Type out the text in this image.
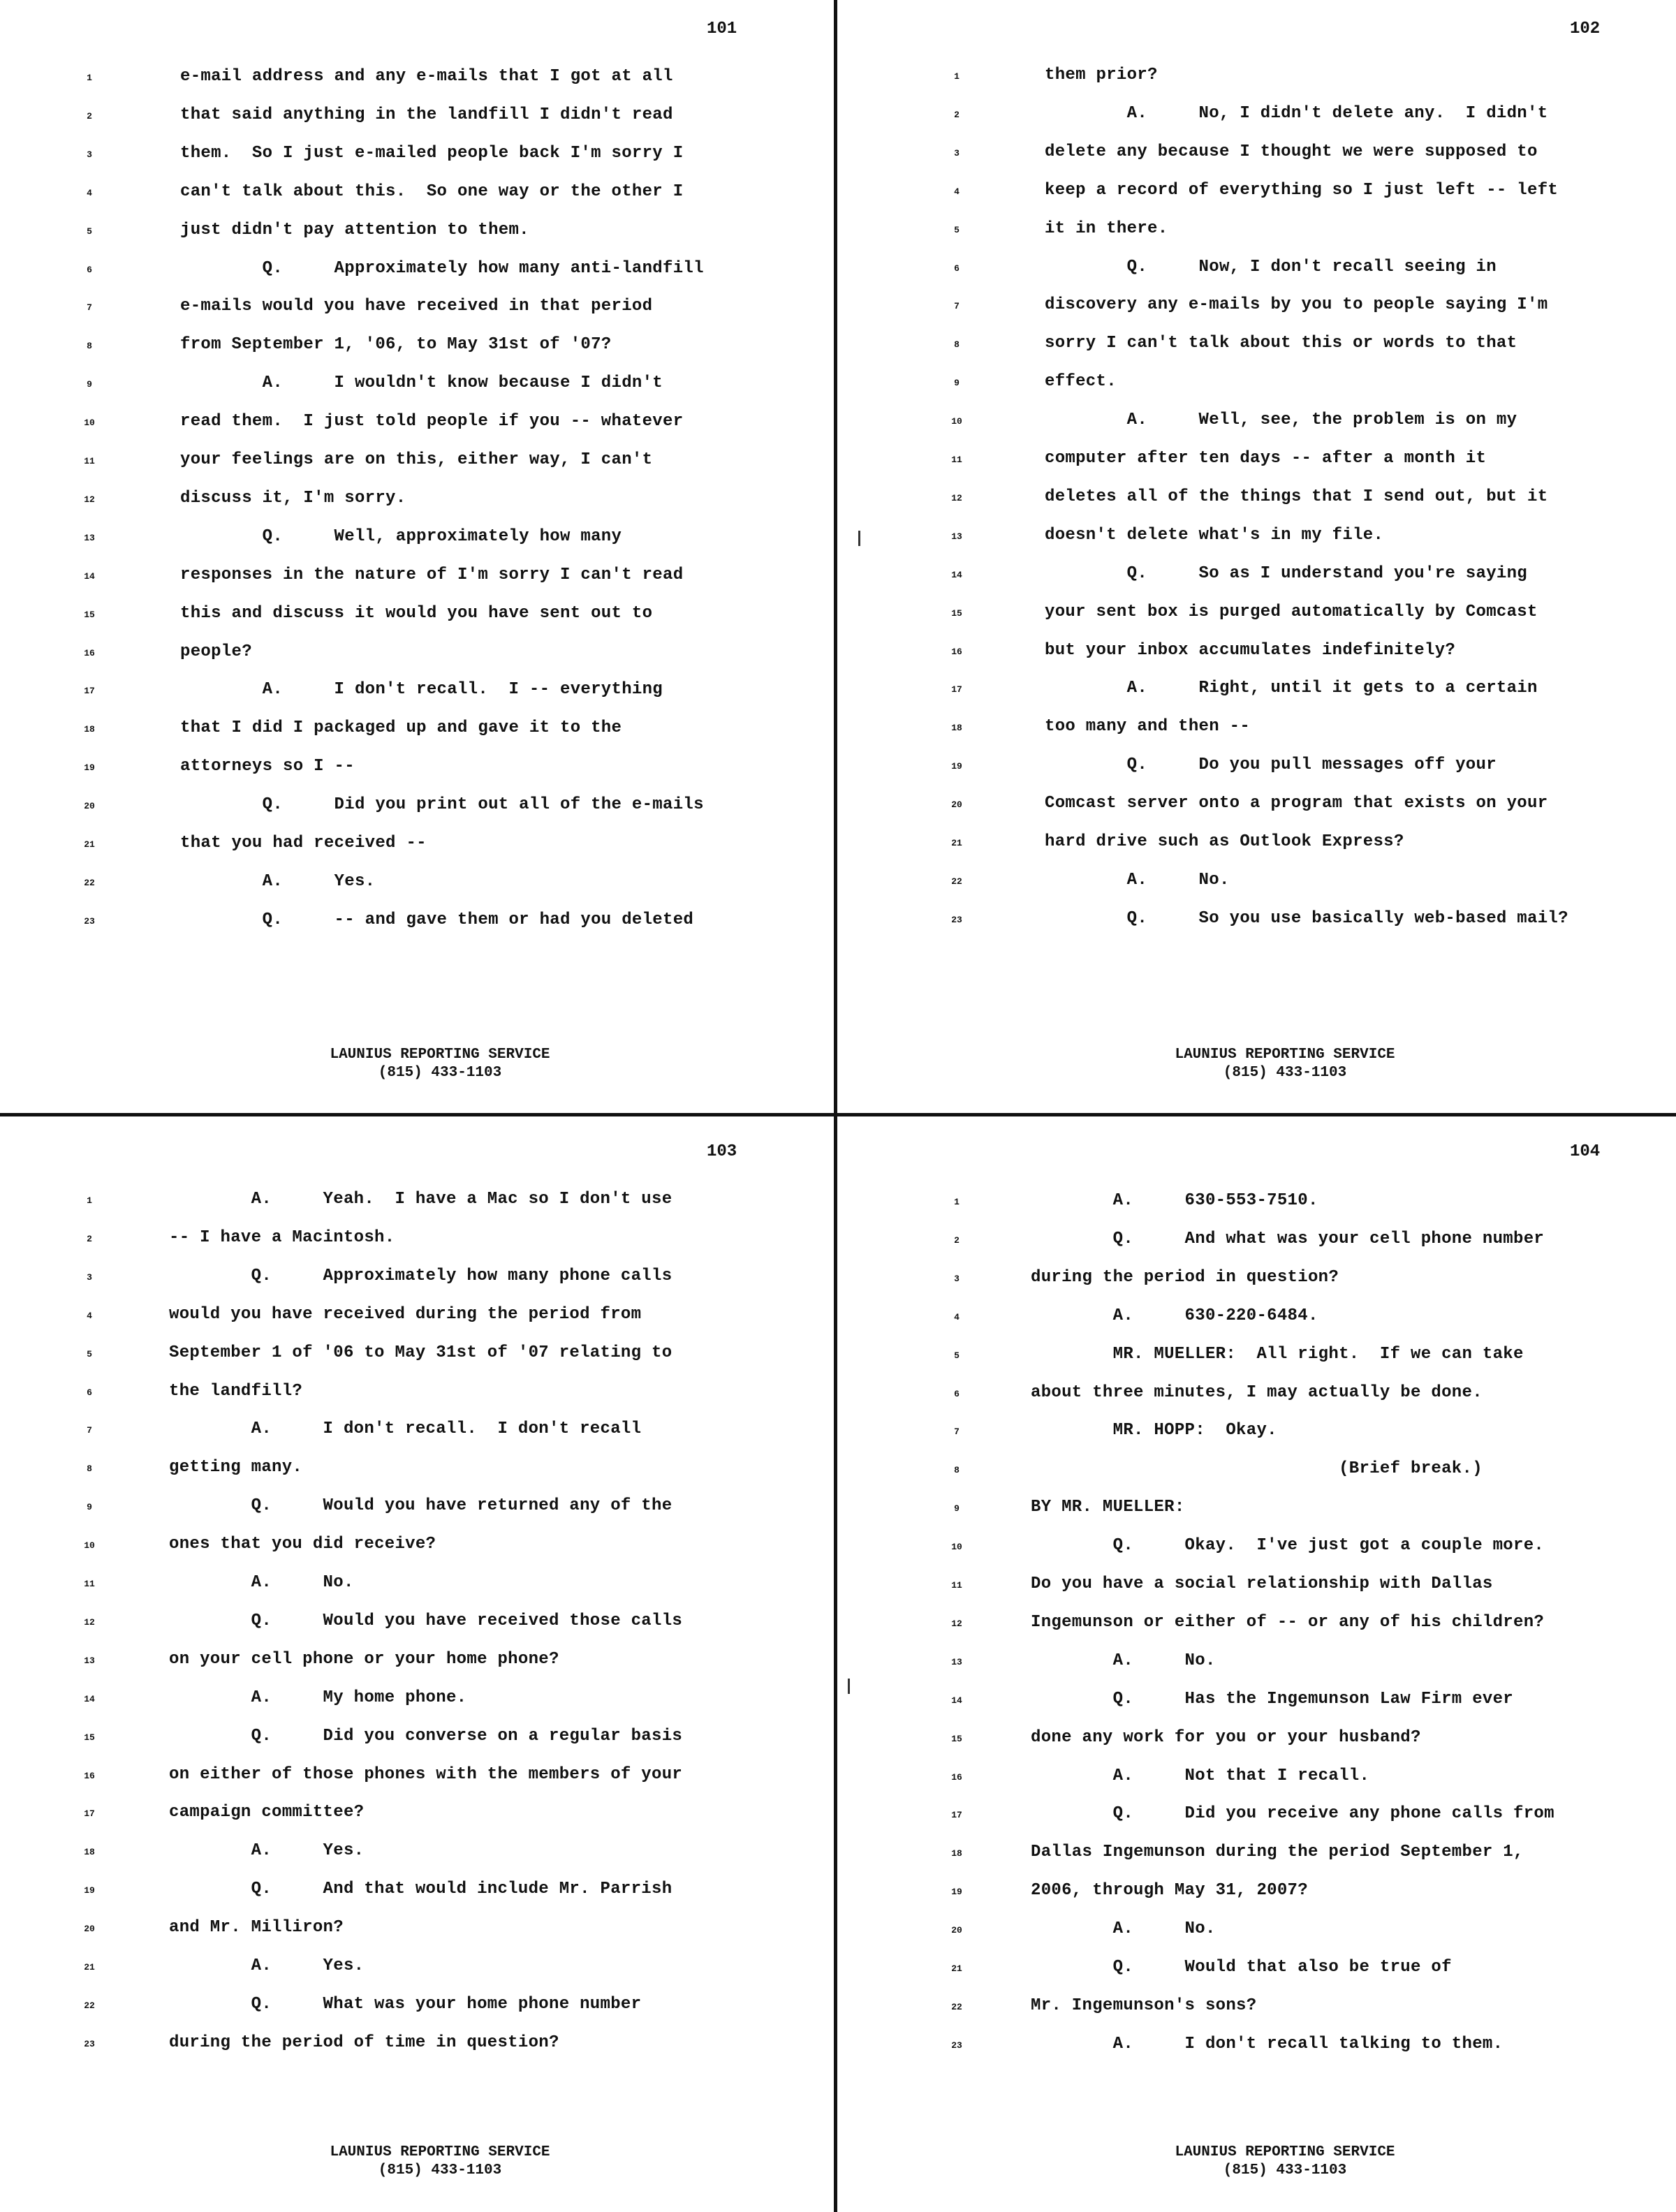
101
1	e-mail address and any e-mails that I got at all
2	that said anything in the landfill I didn't read
3	them.  So I just e-mailed people back I'm sorry I
4	can't talk about this.  So one way or the other I
5	just didn't pay attention to them.
6	Q.     Approximately how many anti-landfill
7	e-mails would you have received in that period
8	from September 1, '06, to May 31st of '07?
9	A.     I wouldn't know because I didn't
10	read them.  I just told people if you -- whatever
11	your feelings are on this, either way, I can't
12	discuss it, I'm sorry.
13	Q.     Well, approximately how many
14	responses in the nature of I'm sorry I can't read
15	this and discuss it would you have sent out to
16	people?
17	A.     I don't recall.  I -- everything
18	that I did I packaged up and gave it to the
19	attorneys so I --
20	Q.     Did you print out all of the e-mails
21	that you had received --
22	A.     Yes.
23	Q.     -- and gave them or had you deleted
LAUNIUS REPORTING SERVICE
(815) 433-1103
102
1	them prior?
2	A.     No, I didn't delete any.  I didn't
3	delete any because I thought we were supposed to
4	keep a record of everything so I just left -- left
5	it in there.
6	Q.     Now, I don't recall seeing in
7	discovery any e-mails by you to people saying I'm
8	sorry I can't talk about this or words to that
9	effect.
10	A.     Well, see, the problem is on my
11	computer after ten days -- after a month it
12	deletes all of the things that I send out, but it
13	doesn't delete what's in my file.
14	Q.     So as I understand you're saying
15	your sent box is purged automatically by Comcast
16	but your inbox accumulates indefinitely?
17	A.     Right, until it gets to a certain
18	too many and then --
19	Q.     Do you pull messages off your
20	Comcast server onto a program that exists on your
21	hard drive such as Outlook Express?
22	A.     No.
23	Q.     So you use basically web-based mail?
LAUNIUS REPORTING SERVICE
(815) 433-1103
103
1	A.     Yeah.  I have a Mac so I don't use
2	-- I have a Macintosh.
3	Q.     Approximately how many phone calls
4	would you have received during the period from
5	September 1 of '06 to May 31st of '07 relating to
6	the landfill?
7	A.     I don't recall.  I don't recall
8	getting many.
9	Q.     Would you have returned any of the
10	ones that you did receive?
11	A.     No.
12	Q.     Would you have received those calls
13	on your cell phone or your home phone?
14	A.     My home phone.
15	Q.     Did you converse on a regular basis
16	on either of those phones with the members of your
17	campaign committee?
18	A.     Yes.
19	Q.     And that would include Mr. Parrish
20	and Mr. Milliron?
21	A.     Yes.
22	Q.     What was your home phone number
23	during the period of time in question?
LAUNIUS REPORTING SERVICE
(815) 433-1103
104
1	A.     630-553-7510.
2	Q.     And what was your cell phone number
3	during the period in question?
4	A.     630-220-6484.
5	MR. MUELLER:  All right.  If we can take
6	about three minutes, I may actually be done.
7	MR. HOPP:  Okay.
8	(Brief break.)
9	BY MR. MUELLER:
10	Q.     Okay.  I've just got a couple more.
11	Do you have a social relationship with Dallas
12	Ingemunson or either of -- or any of his children?
13	A.     No.
14	Q.     Has the Ingemunson Law Firm ever
15	done any work for you or your husband?
16	A.     Not that I recall.
17	Q.     Did you receive any phone calls from
18	Dallas Ingemunson during the period September 1,
19	2006, through May 31, 2007?
20	A.     No.
21	Q.     Would that also be true of
22	Mr. Ingemunson's sons?
23	A.     I don't recall talking to them.
LAUNIUS REPORTING SERVICE
(815) 433-1103
